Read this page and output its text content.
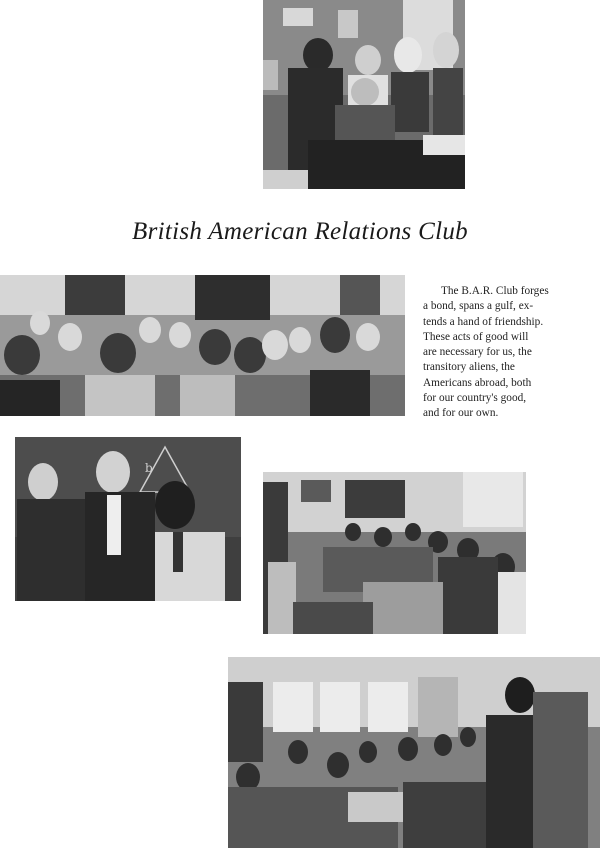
British American Relations Club
The B.A.R. Club forges
a bond, spans a gulf, ex-
tends a hand of friendship.
These acts of good will
are necessary for us, the
transitory aliens, the
Americans abroad, both
for our country's good,
and for our own.
b
